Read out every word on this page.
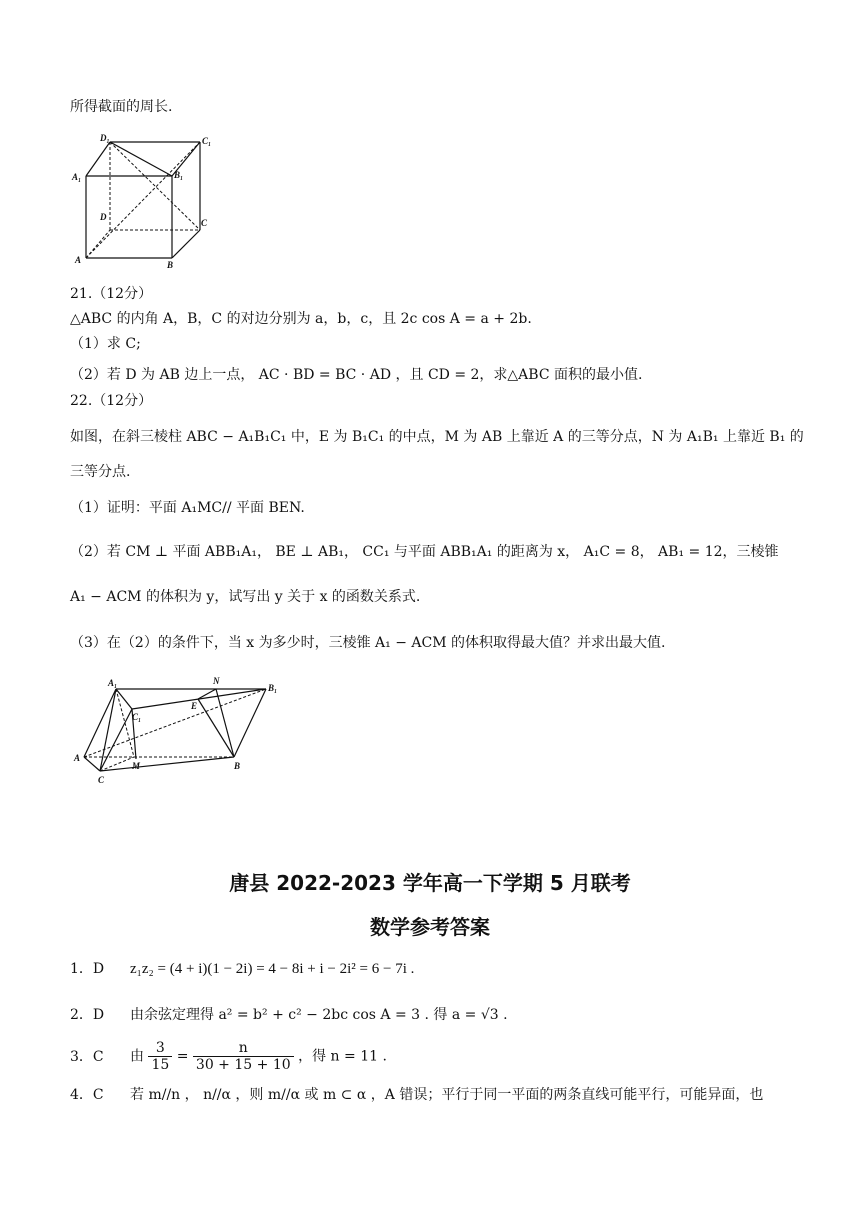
所得截面的周长.
D₁	C₁
A₁	B₁
D
C
A	B
21.（12分）
△ABC 的内角 A，B，C 的对边分别为 a，b，c，且 2c cos A = a + 2b.
（1）求 C;
（2）若 D 为 AB 边上一点， AC · BD = BC · AD ，且 CD = 2，求△ABC 面积的最小值.
22.（12分）
如图，在斜三棱柱 ABC − A₁B₁C₁ 中，E 为 B₁C₁ 的中点，M 为 AB 上靠近 A 的三等分点，N 为 A₁B₁ 上靠近 B₁ 的
三等分点.
（1）证明：平面 A₁MC// 平面 BEN.
（2）若 CM ⊥ 平面 ABB₁A₁， BE ⊥ AB₁， CC₁ 与平面 ABB₁A₁ 的距离为 x， A₁C = 8， AB₁ = 12，三棱锥
A₁ − ACM 的体积为 y，试写出 y 关于 x 的函数关系式.
（3）在（2）的条件下，当 x 为多少时，三棱锥 A₁ − ACM 的体积取得最大值？并求出最大值.
A₁	N
B₁
C₁
E
A
M	B
C
唐县 2022-2023 学年高一下学期 5 月联考
数学参考答案
1．D z₁z₂ = (4 + i)(1 − 2i) = 4 − 8i + i − 2i² = 6 − 7i .
2．D 由余弦定理得 a² = b² + c² − 2bc cos A = 3 . 得 a = √3 .
3．C 由 $\frac{3}{15} = \frac{n}{30 + 15 + 10}$ ，得 n = 11 .
4．C 若 m//n ， n//α ，则 m//α 或 m ⊂ α ，A 错误；平行于同一平面的两条直线可能平行，可能异面，也
